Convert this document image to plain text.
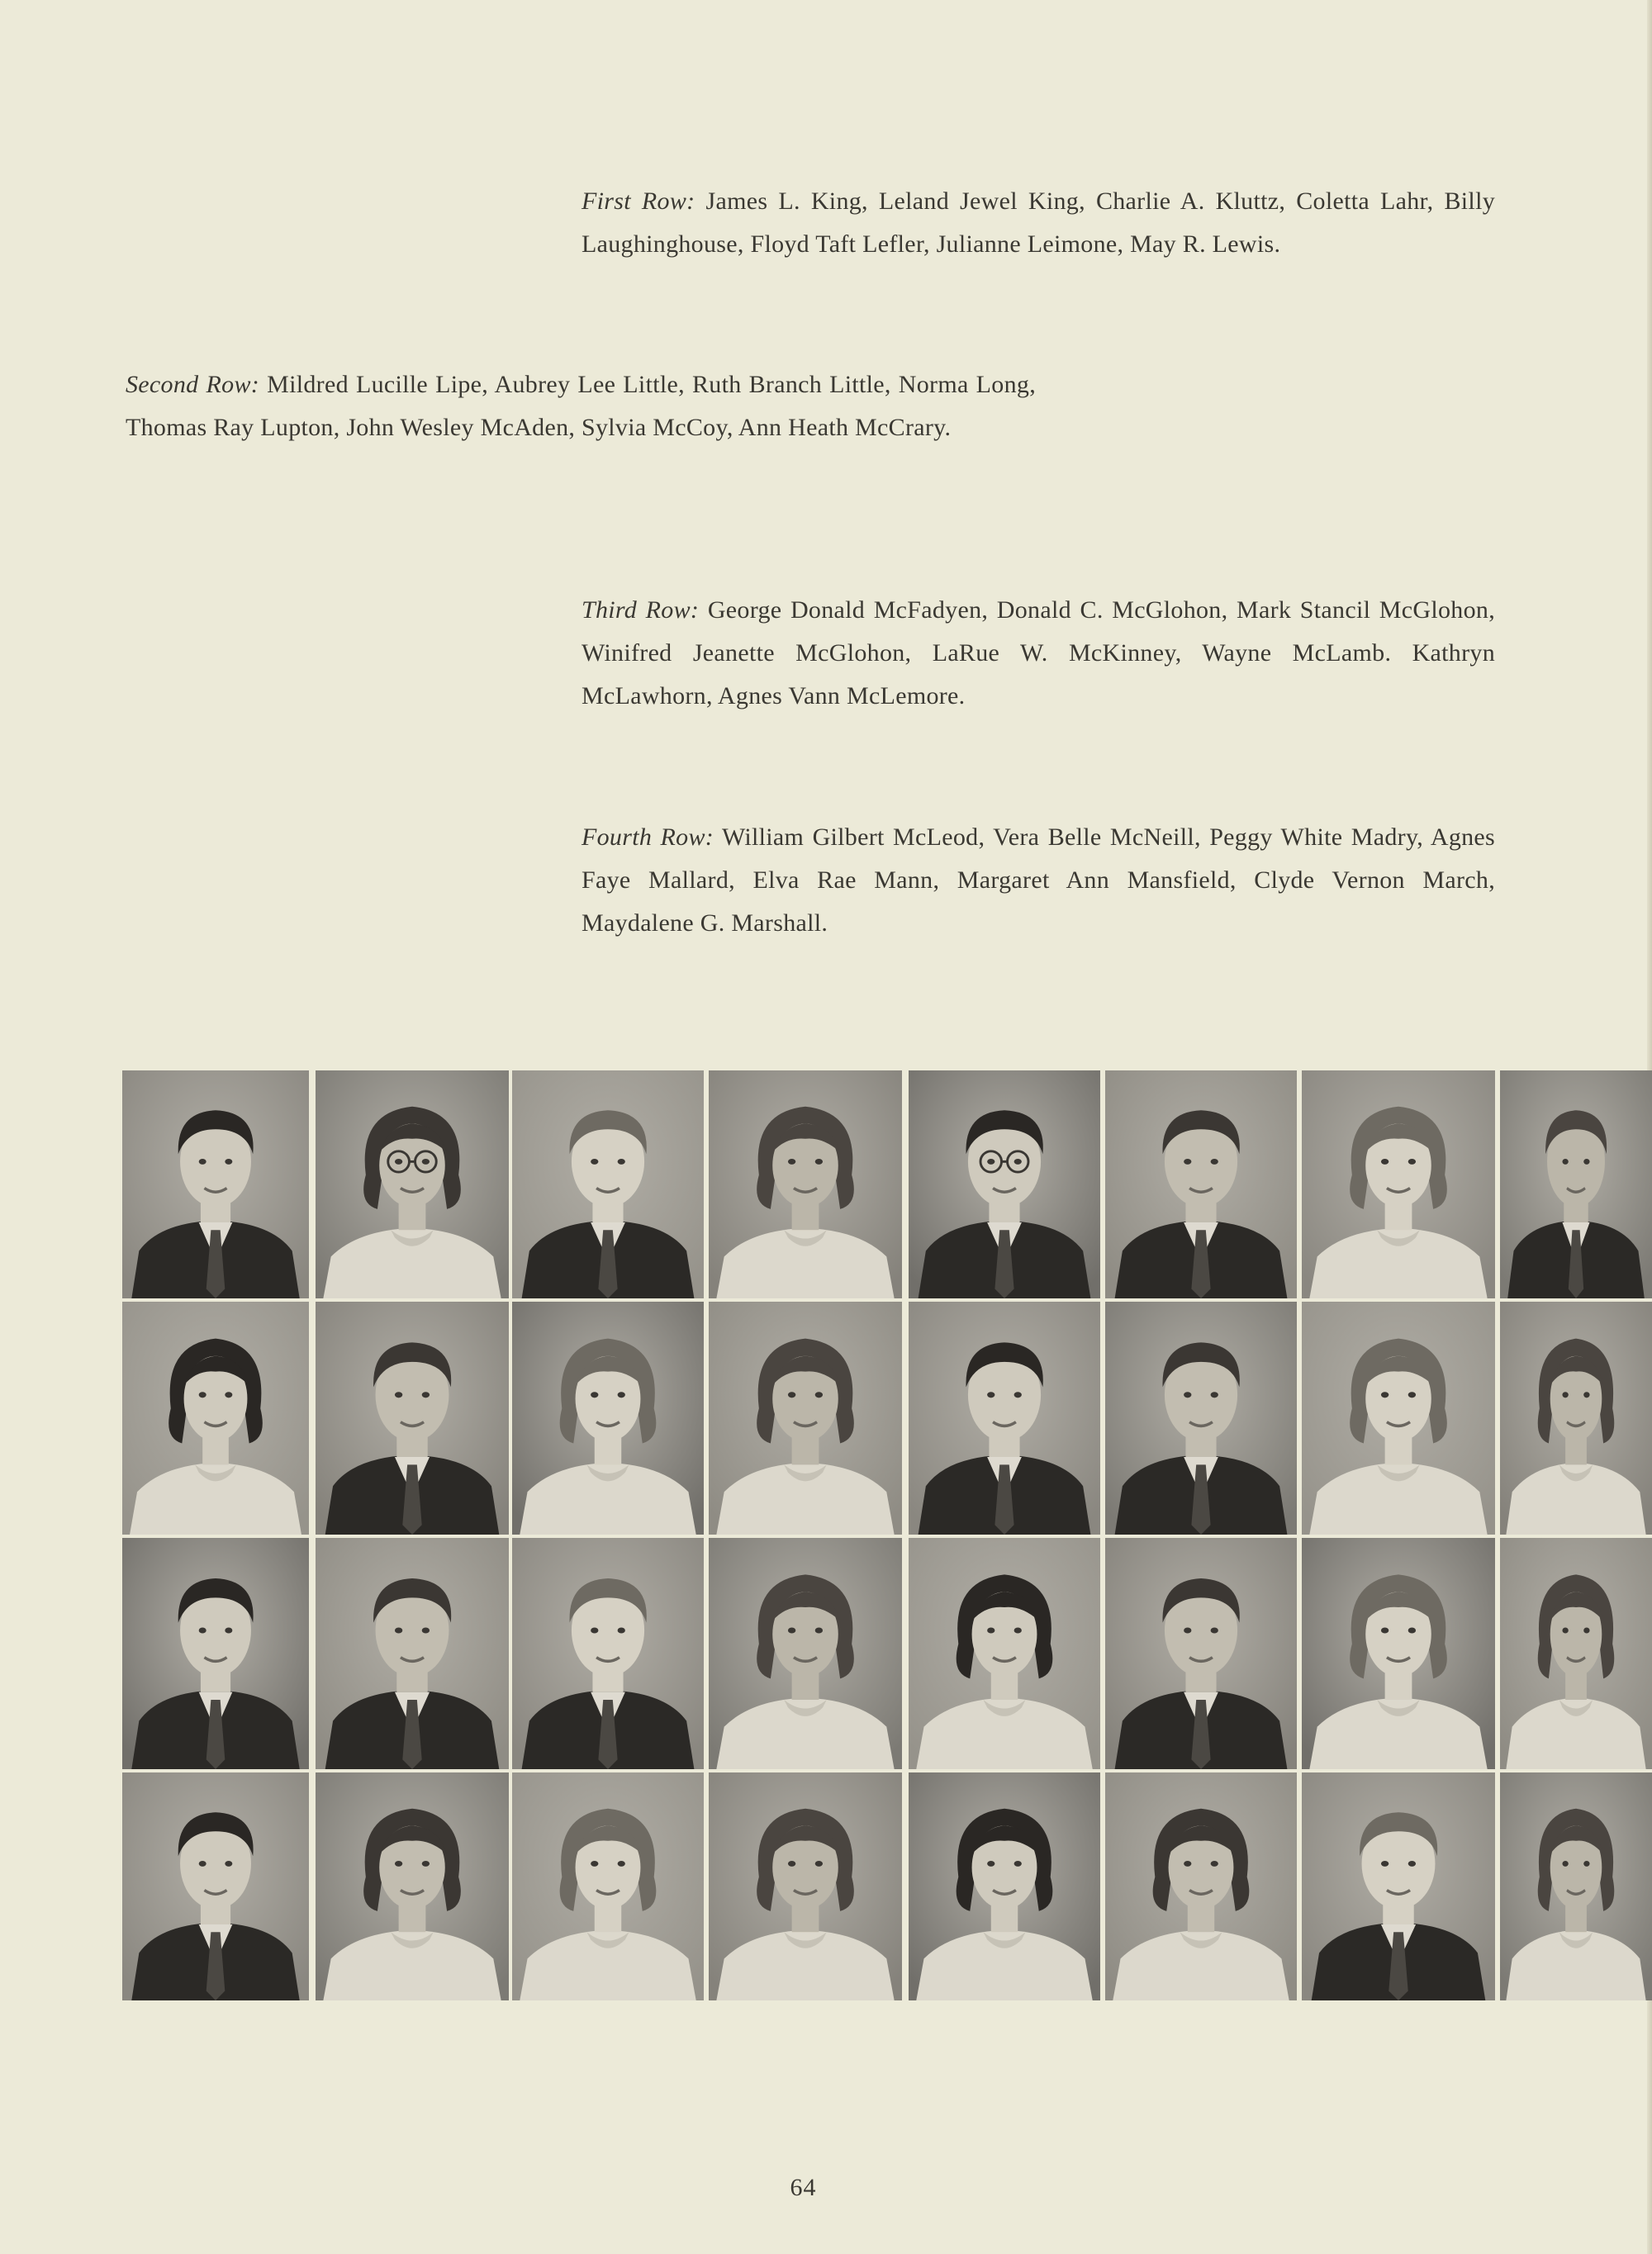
First Row: James L. King, Leland Jewel King, Charlie A. Kluttz, Coletta Lahr, Billy Laughinghouse, Floyd Taft Lefler, Julianne Leimone, May R. Lewis.
Second Row: Mildred Lucille Lipe, Aubrey Lee Little, Ruth Branch Little, Norma Long, Thomas Ray Lupton, John Wesley McAden, Sylvia McCoy, Ann Heath McCrary.
Third Row: George Donald McFadyen, Donald C. McGlohon, Mark Stancil McGlohon, Winifred Jeanette McGlohon, LaRue W. McKinney, Wayne McLamb. Kathryn McLawhorn, Agnes Vann McLemore.
Fourth Row: William Gilbert McLeod, Vera Belle McNeill, Peggy White Madry, Agnes Faye Mallard, Elva Rae Mann, Margaret Ann Mansfield, Clyde Vernon March, Maydalene G. Marshall.
64
